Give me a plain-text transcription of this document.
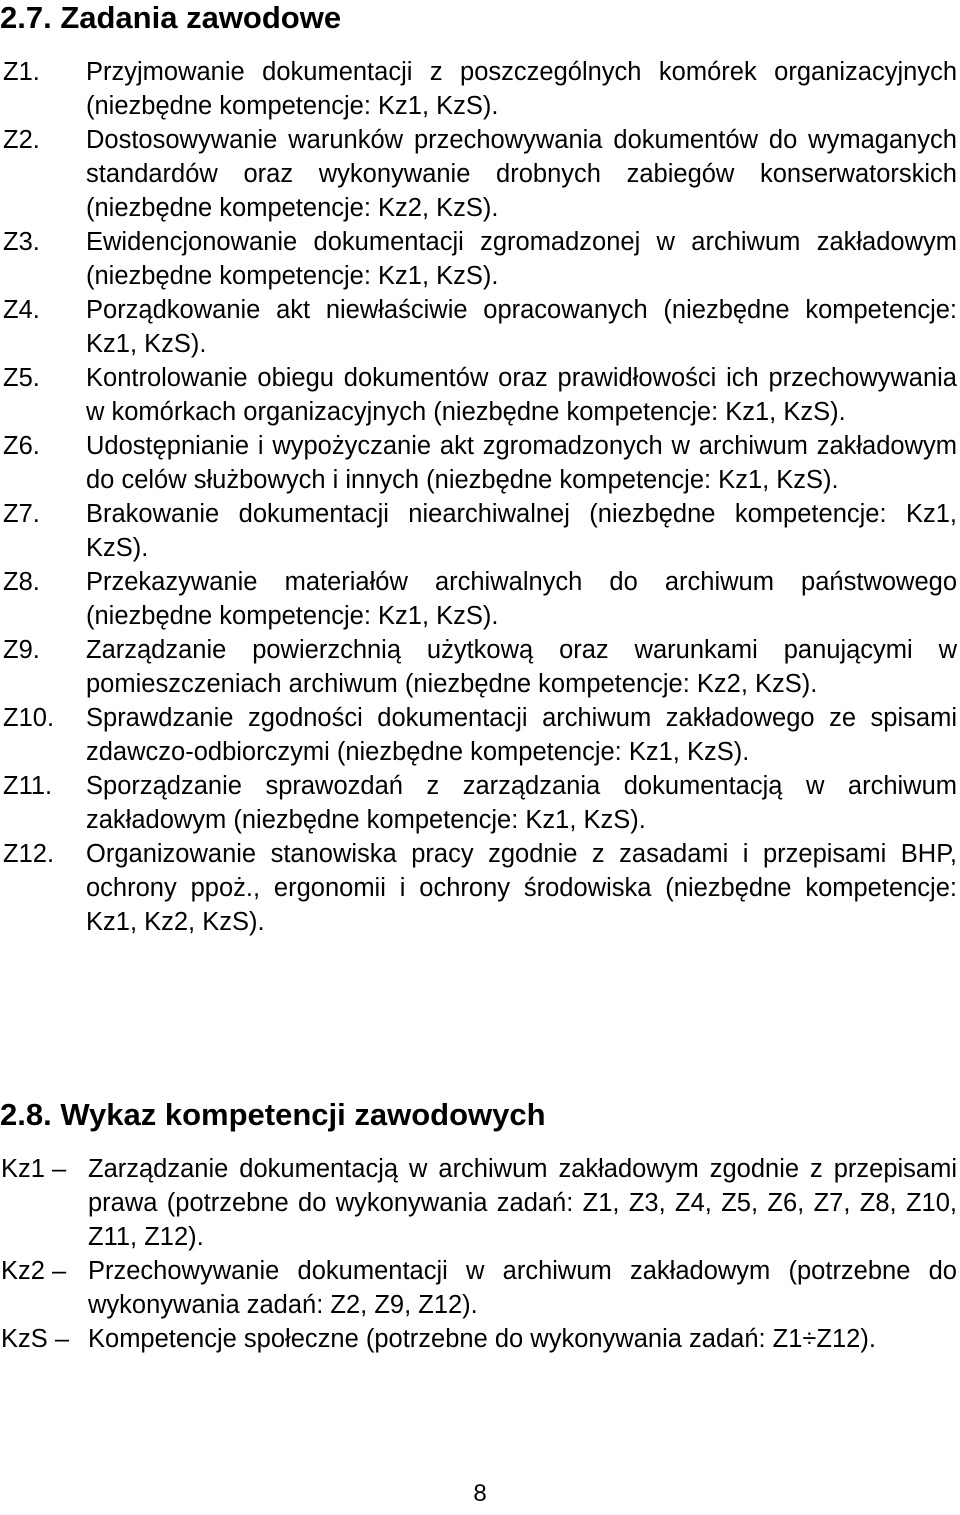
2.7. Zadania zawodowe
Z1.	Przyjmowanie dokumentacji z poszczególnych komórek organizacyjnych (niezbędne kompetencje: Kz1, KzS).
Z2.	Dostosowywanie warunków przechowywania dokumentów do wymaganych standardów oraz wykonywanie drobnych zabiegów konserwatorskich (niezbędne kompetencje: Kz2, KzS).
Z3.	Ewidencjonowanie dokumentacji zgromadzonej w archiwum zakładowym (niezbędne kompetencje: Kz1, KzS).
Z4.	Porządkowanie akt niewłaściwie opracowanych (niezbędne kompetencje: Kz1, KzS).
Z5.	Kontrolowanie obiegu dokumentów oraz prawidłowości ich przechowywania w komórkach organizacyjnych (niezbędne kompetencje: Kz1, KzS).
Z6.	Udostępnianie i wypożyczanie akt zgromadzonych w archiwum zakładowym do celów służbowych i innych (niezbędne kompetencje: Kz1, KzS).
Z7.	Brakowanie dokumentacji niearchiwalnej (niezbędne kompetencje: Kz1, KzS).
Z8.	Przekazywanie materiałów archiwalnych do archiwum państwowego (niezbędne kompetencje: Kz1, KzS).
Z9.	Zarządzanie powierzchnią użytkową oraz warunkami panującymi w pomieszczeniach archiwum (niezbędne kompetencje: Kz2, KzS).
Z10.	Sprawdzanie zgodności dokumentacji archiwum zakładowego ze spisami zdawczo-odbiorczymi (niezbędne kompetencje: Kz1, KzS).
Z11.	Sporządzanie sprawozdań z zarządzania dokumentacją w archiwum zakładowym (niezbędne kompetencje: Kz1, KzS).
Z12.	Organizowanie stanowiska pracy zgodnie z zasadami i przepisami BHP, ochrony ppoż., ergonomii i ochrony środowiska (niezbędne kompetencje: Kz1, Kz2, KzS).
2.8. Wykaz kompetencji zawodowych
Kz1 – Zarządzanie dokumentacją w archiwum zakładowym zgodnie z przepisami prawa (potrzebne do wykonywania zadań: Z1, Z3, Z4, Z5, Z6, Z7, Z8, Z10, Z11, Z12).
Kz2 – Przechowywanie dokumentacji w archiwum zakładowym (potrzebne do wykonywania zadań: Z2, Z9, Z12).
KzS – Kompetencje społeczne (potrzebne do wykonywania zadań: Z1÷Z12).
8
